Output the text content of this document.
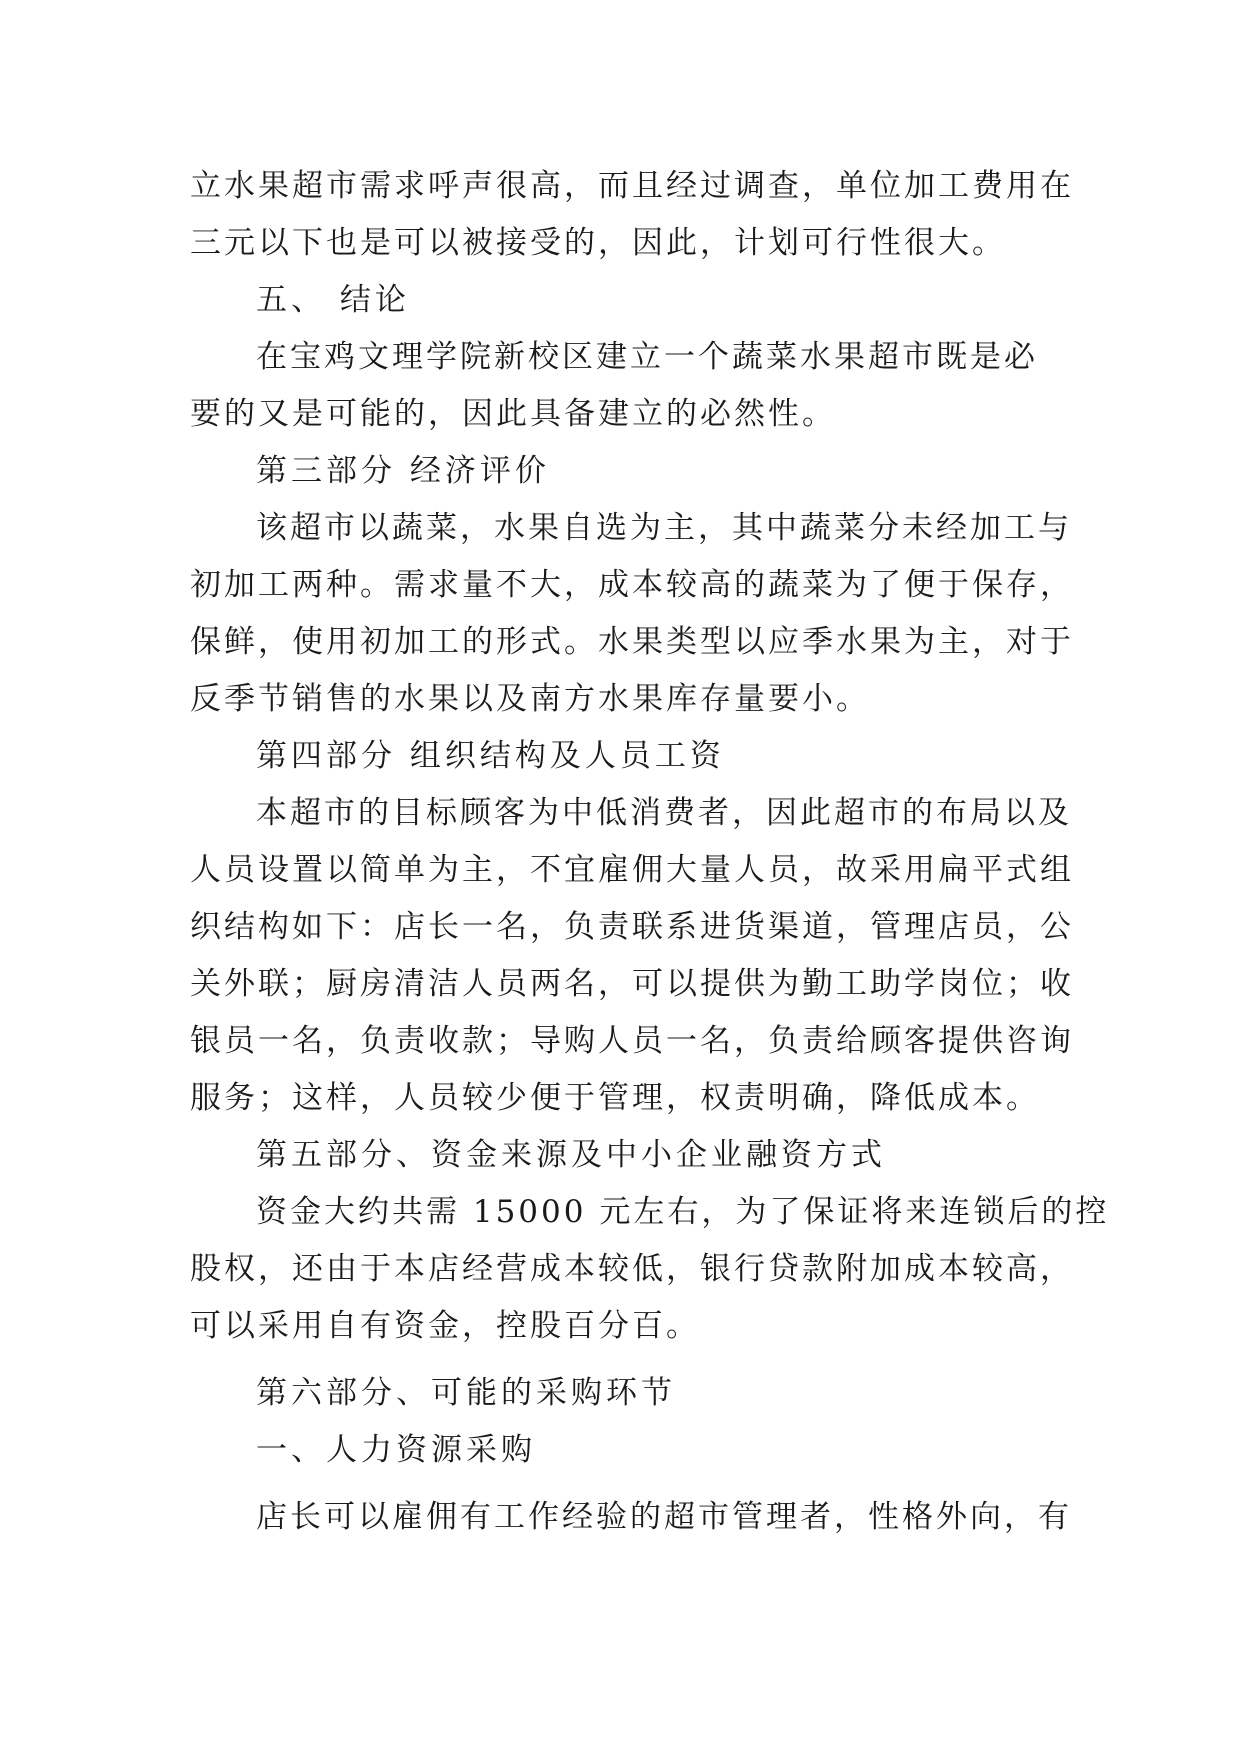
立水果超市需求呼声很高，而且经过调查，单位加工费用在
三元以下也是可以被接受的，因此，计划可行性很大。
五、 结论
在宝鸡文理学院新校区建立一个蔬菜水果超市既是必
要的又是可能的，因此具备建立的必然性。
第三部分 经济评价
该超市以蔬菜，水果自选为主，其中蔬菜分未经加工与
初加工两种。需求量不大，成本较高的蔬菜为了便于保存，
保鲜，使用初加工的形式。水果类型以应季水果为主，对于
反季节销售的水果以及南方水果库存量要小。
第四部分 组织结构及人员工资
本超市的目标顾客为中低消费者，因此超市的布局以及
人员设置以简单为主，不宜雇佣大量人员，故采用扁平式组
织结构如下：店长一名，负责联系进货渠道，管理店员，公
关外联；厨房清洁人员两名，可以提供为勤工助学岗位；收
银员一名，负责收款；导购人员一名，负责给顾客提供咨询
服务；这样，人员较少便于管理，权责明确，降低成本。
第五部分、资金来源及中小企业融资方式
资金大约共需 15000 元左右，为了保证将来连锁后的控
股权，还由于本店经营成本较低，银行贷款附加成本较高，
可以采用自有资金，控股百分百。
第六部分、可能的采购环节
一、人力资源采购
店长可以雇佣有工作经验的超市管理者，性格外向，有
